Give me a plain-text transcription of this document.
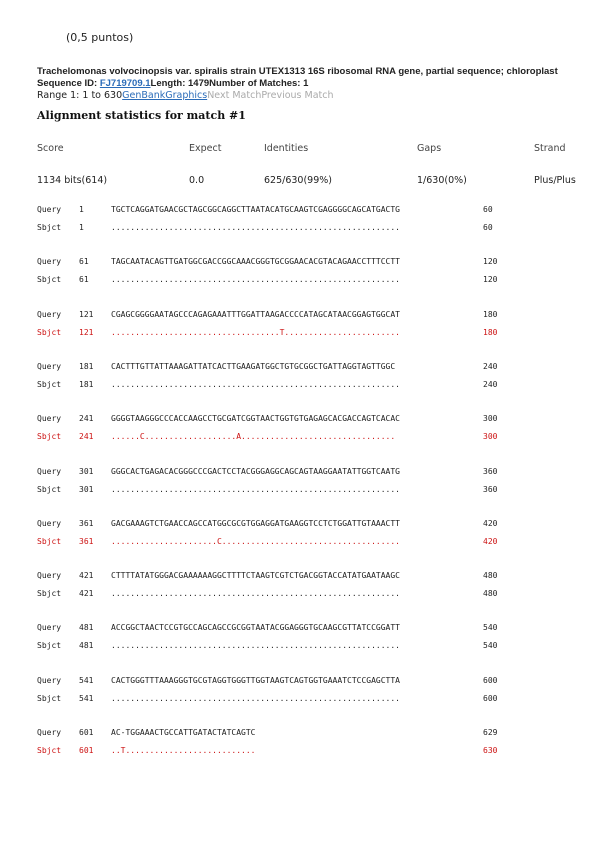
(0,5 puntos)
Trachelomonas volvocinopsis var. spiralis strain UTEX1313 16S ribosomal RNA gene, partial sequence; chloroplast
Sequence ID: FJ719709.1Length: 1479Number of Matches: 1
Range 1: 1 to 630GenBankGraphicsNext MatchPrevious Match
Alignment statistics for match #1
Score	Expect	Identities	Gaps	Strand
1134 bits(614)	0.0	625/630(99%)	1/630(0%)	Plus/Plus
Query 1	TGCTCAGGATGAACGCTAGCGGCAGGCTTAATACATGCAAGTCGAGGGGCAGCATGACTG	60
Sbjct 1	............................................................	60
Query 61	TAGCAATACAGTTGATGGCGACCGGCAAACGGGTGCGGAACACGTACAGAACCTTTCCTT	120
Sbjct 61	............................................................	120
Query 121 CGAGCGGGGAATAGCCCAGAGAAATTTGGATTAAGACCCCATAGCATAACGGAGTGGCAT	180
Sbjct 121 ...................................T........................	180
Query 181 CACTTTGTTATTAAAGATTATCACTTGAAGATGGCTGTGCGGCTGATTAGGTAGTTGGC	240
Sbjct 181 ............................................................	240
Query 241 GGGGTAAGGGCCCACCAAGCCTGCGATCGGTAACTGGTGTGAGAGCACGACCAGTCACAC	300
Sbjct 241 ......C...................A................................	300
Query 301 GGGCACTGAGACACGGGCCCGACTCCTACGGGAGGCAGCAGTAAGGAATATTGGTCAATG	360
Sbjct 301 ............................................................	360
Query 361 GACGAAAGTCTGAACCAGCCATGGCGCGTGGAGGATGAAGGTCCTCTGGATTGTAAACTT	420
Sbjct 361 ......................C.....................................	420
Query 421 CTTTTATATGGGACGAAAAAAGGCTTTTCTAAGTCGTCTGACGGTACCATATGAATAAGC	480
Sbjct 421 ............................................................	480
Query 481 ACCGGCTAACTCCGTGCCAGCAGCCGCGGTAATACGGAGGGTGCAAGCGTTATCCGGATT	540
Sbjct 481 ............................................................	540
Query 541 CACTGGGTTTAAAGGGTGCGTAGGTGGGTTGGTAAGTCAGTGGTGAAATCTCCGAGCTTA	600
Sbjct 541 ............................................................	600
Query 601 AC-TGGAAACTGCCATTGATACTATCAGTC	629
Sbjct 601 ..T...........................	630
